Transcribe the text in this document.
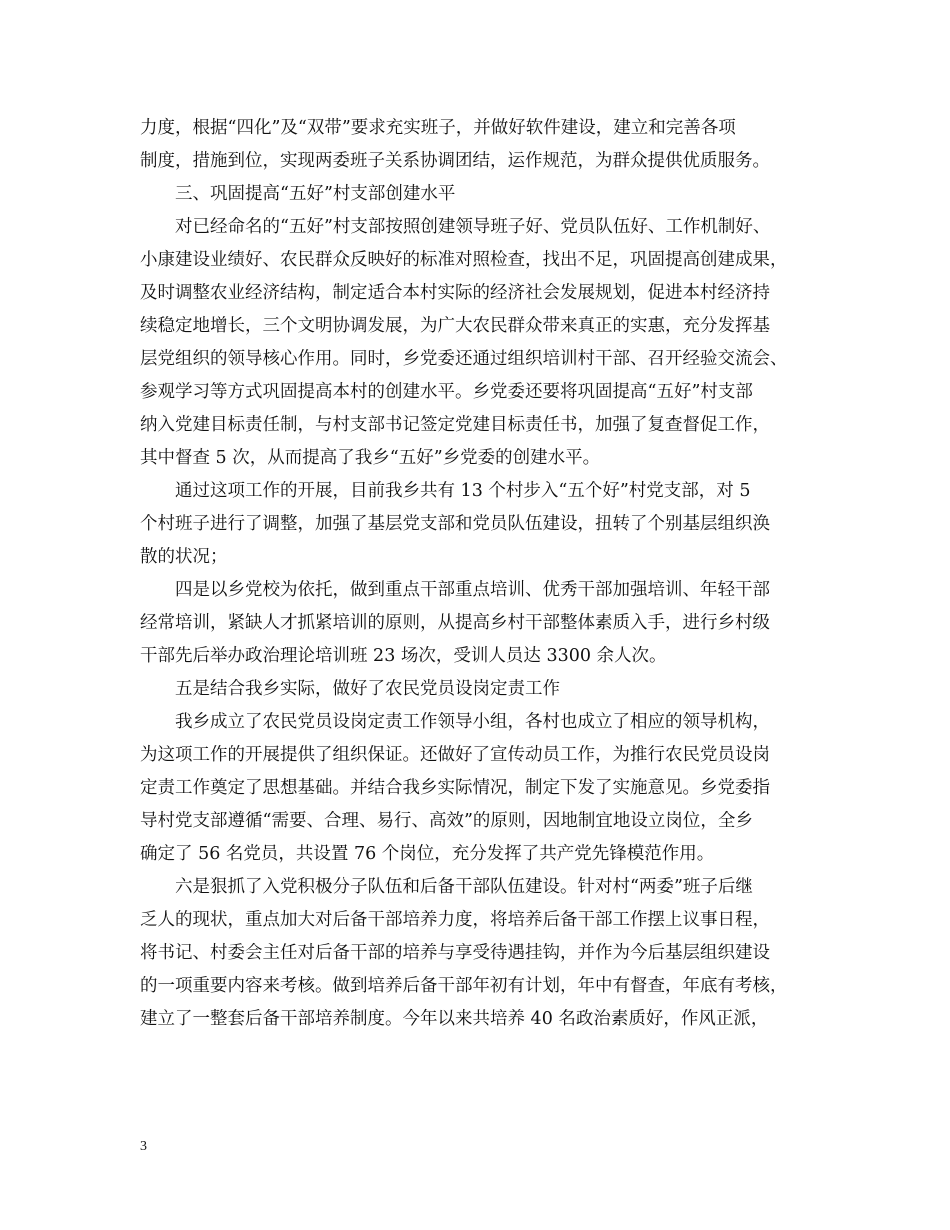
力度，根据“四化”及“双带”要求充实班子，并做好软件建设，建立和完善各项
制度，措施到位，实现两委班子关系协调团结，运作规范，为群众提供优质服务。
三、巩固提高“五好”村支部创建水平
对已经命名的“五好”村支部按照创建领导班子好、党员队伍好、工作机制好、
小康建设业绩好、农民群众反映好的标准对照检查，找出不足，巩固提高创建成果，
及时调整农业经济结构，制定适合本村实际的经济社会发展规划，促进本村经济持
续稳定地增长，三个文明协调发展，为广大农民群众带来真正的实惠，充分发挥基
层党组织的领导核心作用。同时，乡党委还通过组织培训村干部、召开经验交流会、
参观学习等方式巩固提高本村的创建水平。乡党委还要将巩固提高“五好”村支部
纳入党建目标责任制，与村支部书记签定党建目标责任书，加强了复查督促工作，
其中督查 5 次，从而提高了我乡“五好”乡党委的创建水平。
通过这项工作的开展，目前我乡共有 13 个村步入“五个好”村党支部，对 5
个村班子进行了调整，加强了基层党支部和党员队伍建设，扭转了个别基层组织涣
散的状况；
四是以乡党校为依托，做到重点干部重点培训、优秀干部加强培训、年轻干部
经常培训，紧缺人才抓紧培训的原则，从提高乡村干部整体素质入手，进行乡村级
干部先后举办政治理论培训班 23 场次，受训人员达 3300 余人次。
五是结合我乡实际，做好了农民党员设岗定责工作
我乡成立了农民党员设岗定责工作领导小组，各村也成立了相应的领导机构，
为这项工作的开展提供了组织保证。还做好了宣传动员工作，为推行农民党员设岗
定责工作奠定了思想基础。并结合我乡实际情况，制定下发了实施意见。乡党委指
导村党支部遵循“需要、合理、易行、高效”的原则，因地制宜地设立岗位，全乡
确定了 56 名党员，共设置 76 个岗位，充分发挥了共产党先锋模范作用。
六是狠抓了入党积极分子队伍和后备干部队伍建设。针对村“两委”班子后继
乏人的现状，重点加大对后备干部培养力度，将培养后备干部工作摆上议事日程，
将书记、村委会主任对后备干部的培养与享受待遇挂钩，并作为今后基层组织建设
的一项重要内容来考核。做到培养后备干部年初有计划，年中有督查，年底有考核，
建立了一整套后备干部培养制度。今年以来共培养 40 名政治素质好，作风正派，
3
